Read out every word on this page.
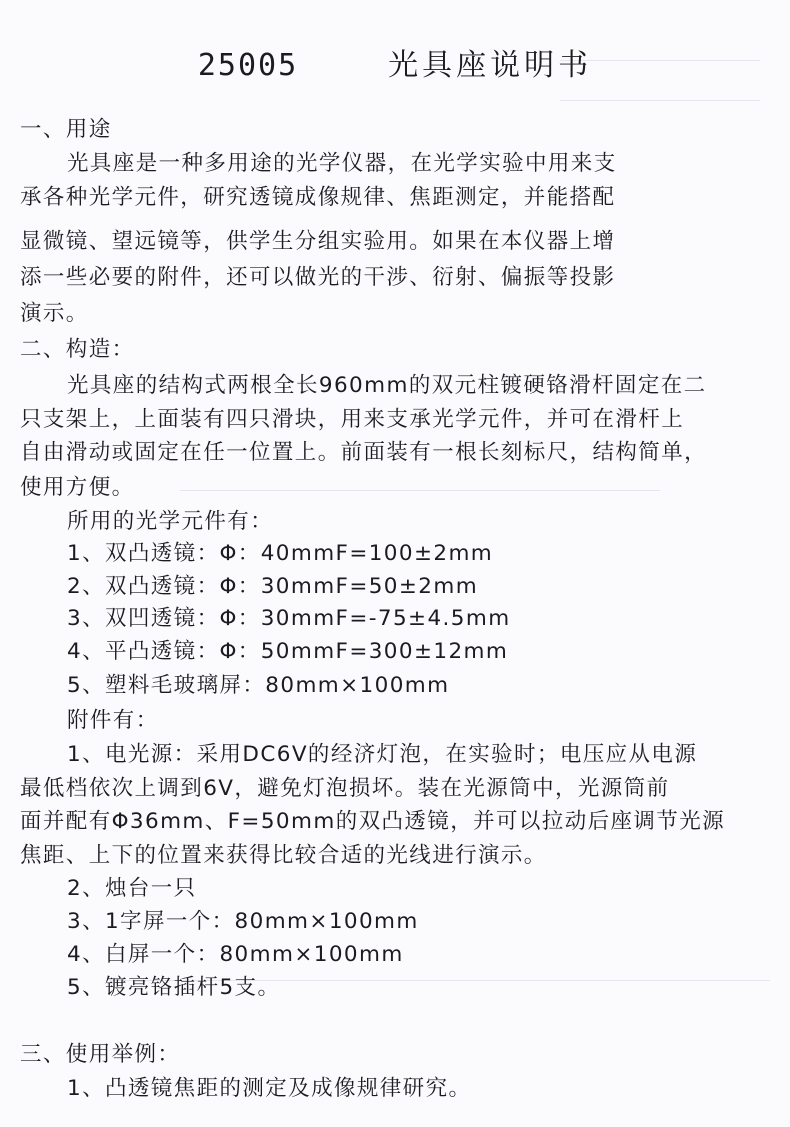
25005	光具座说明书
一、用途
光具座是一种多用途的光学仪器，在光学实验中用来支
承各种光学元件，研究透镜成像规律、焦距测定，并能搭配
显微镜、望远镜等，供学生分组实验用。如果在本仪器上增
添一些必要的附件，还可以做光的干涉、衍射、偏振等投影
演示。
二、构造：
光具座的结构式两根全长960mm的双元柱镀硬铬滑杆固定在二
只支架上，上面装有四只滑块，用来支承光学元件，并可在滑杆上
自由滑动或固定在任一位置上。前面装有一根长刻标尺，结构简单，
使用方便。
所用的光学元件有：
1、双凸透镜：Φ：40mmF=100±2mm
2、双凸透镜：Φ：30mmF=50±2mm
3、双凹透镜：Φ：30mmF=-75±4.5mm
4、平凸透镜：Φ：50mmF=300±12mm
5、塑料毛玻璃屏：80mm×100mm
附件有：
1、电光源：采用DC6V的经济灯泡，在实验时；电压应从电源
最低档依次上调到6V，避免灯泡损坏。装在光源筒中，光源筒前
面并配有Φ36mm、F=50mm的双凸透镜，并可以拉动后座调节光源
焦距、上下的位置来获得比较合适的光线进行演示。
2、烛台一只
3、1字屏一个：80mm×100mm
4、白屏一个：80mm×100mm
5、镀亮铬插杆5支。
三、使用举例：
1、凸透镜焦距的测定及成像规律研究。
